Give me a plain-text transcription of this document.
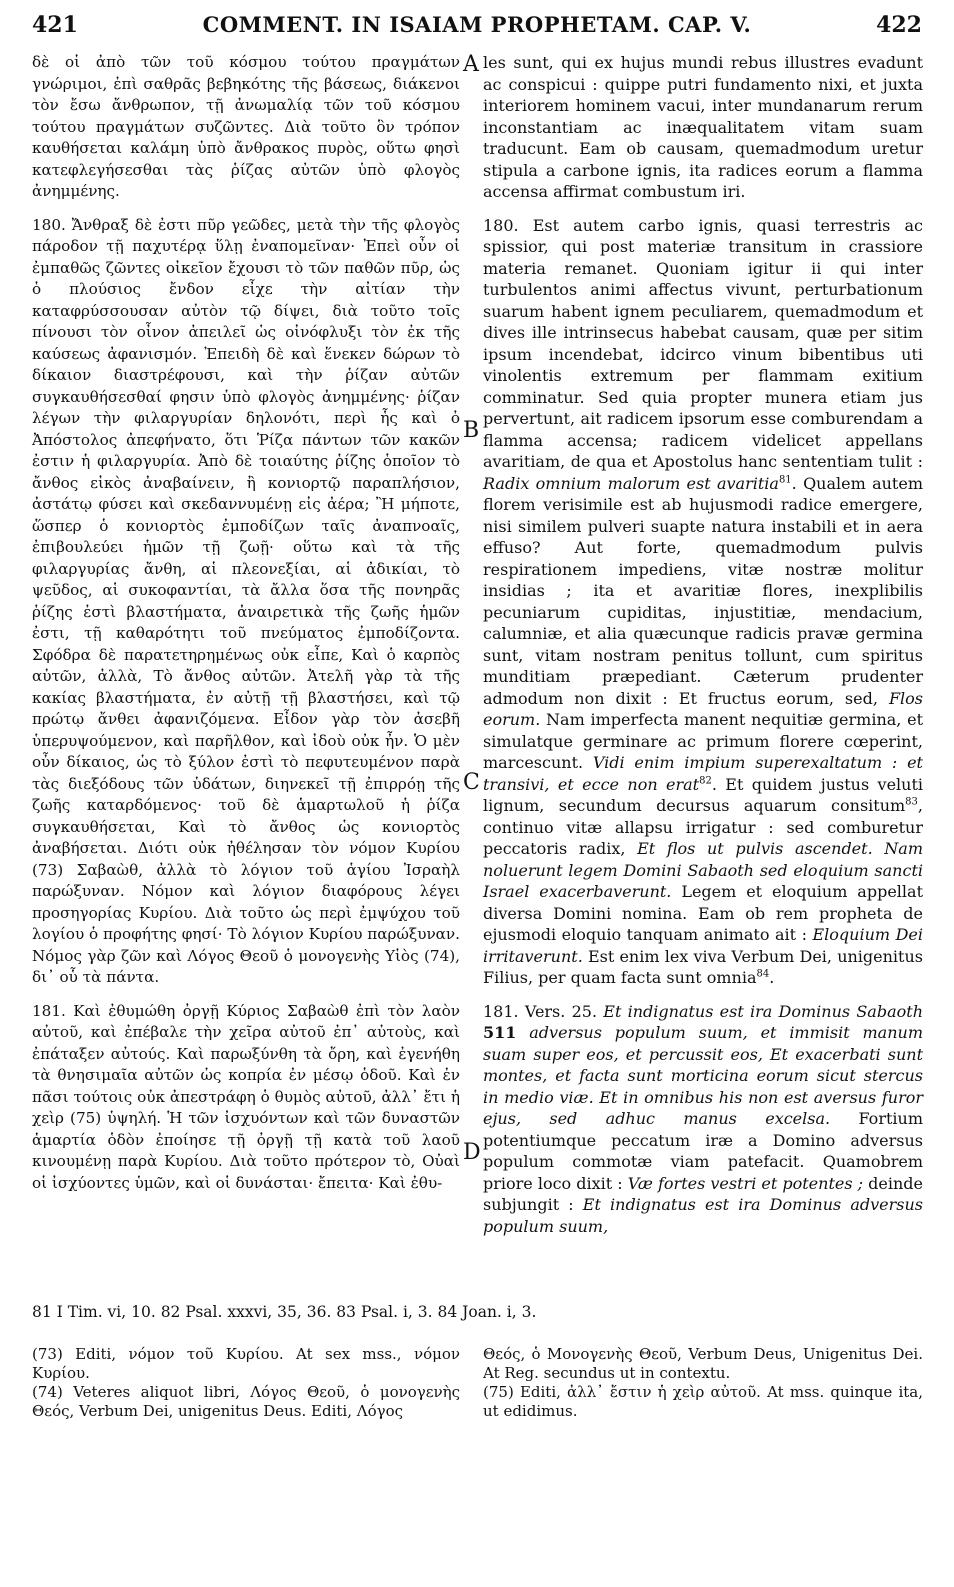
421	COMMENT. IN ISAIAM PROPHETAM. CAP. V.	422

δὲ οἱ ἀπὸ τῶν τοῦ κόσμου τούτου πραγμάτων γνώριμοι, ἐπὶ σαθρᾶς βεβηκότης τῆς βάσεως, διάκενοι τὸν ἔσω ἄνθρωπον, τῇ ἀνωμαλίᾳ τῶν τοῦ κόσμου τούτου πραγμάτων συζῶντες. Διὰ τοῦτο ὃν τρόπον καυθήσεται καλάμη ὑπὸ ἄνθρακος πυρὸς, οὕτω φησὶ κατεφλεγήσεσθαι τὰς ῥίζας αὐτῶν ὑπὸ φλογὸς ἀνημμένης.

180. Ἄνθραξ δὲ ἐστι πῦρ γεῶδες, μετὰ τὴν τῆς φλογὸς πάροδον τῇ παχυτέρᾳ ὕλῃ ἐναπομεῖναν· Ἐπεὶ οὖν οἱ ἐμπαθῶς ζῶντες οἰκεῖον ἔχουσι τὸ τῶν παθῶν πῦρ, ὡς ὁ πλούσιος ἔνδον εἶχε τὴν αἰτίαν τὴν καταφρύσσουσαν αὐτὸν τῷ δίψει, διὰ τοῦτο τοῖς πίνουσι τὸν οἶνον ἀπειλεῖ ὡς οἰνόφλυξι τὸν ἐκ τῆς καύσεως ἀφανισμόν. Ἐπειδὴ δὲ καὶ ἕνεκεν δώρων τὸ δίκαιον διαστρέφουσι, καὶ τὴν ῥίζαν αὐτῶν συγκαυθήσεσθαί φησιν ὑπὸ φλογὸς ἀνημμένης· ῥίζαν λέγων τὴν φιλαργυρίαν δηλονότι, περὶ ἧς καὶ ὁ Ἀπόστολος ἀπεφήνατο, ὅτι Ῥίζα πάντων τῶν κακῶν ἐστιν ἡ φιλαργυρία. Ἀπὸ δὲ τοιαύτης ῥίζης ὁποῖον τὸ ἄνθος εἰκὸς ἀναβαίνειν, ἢ κονιορτῷ παραπλήσιον, ἀστάτῳ φύσει καὶ σκεδαννυμένῃ εἰς ἀέρα; Ἢ μήποτε, ὥσπερ ὁ κονιορτὸς ἐμποδίζων ταῖς ἀναπνοαῖς, ἐπιβουλεύει ἡμῶν τῇ ζωῇ· οὕτω καὶ τὰ τῆς φιλαργυρίας ἄνθη, αἱ πλεονεξίαι, αἱ ἀδικίαι, τὸ ψεῦδος, αἱ συκοφαντίαι, τὰ ἄλλα ὅσα τῆς πονηρᾶς ῥίζης ἐστὶ βλαστήματα, ἀναιρετικὰ τῆς ζωῆς ἡμῶν ἐστι, τῇ καθαρότητι τοῦ πνεύματος ἐμποδίζοντα. Σφόδρα δὲ παρατετηρημένως οὐκ εἶπε, Καὶ ὁ καρπὸς αὐτῶν, ἀλλὰ, Τὸ ἄνθος αὐτῶν. Ἀτελῆ γὰρ τὰ τῆς κακίας βλαστήματα, ἐν αὐτῇ τῇ βλαστήσει, καὶ τῷ πρώτῳ ἄνθει ἀφανιζόμενα. Εἶδον γὰρ τὸν ἀσεβῆ ὑπερυψούμενον, καὶ παρῆλθον, καὶ ἰδοὺ οὐκ ἦν. Ὁ μὲν οὖν δίκαιος, ὡς τὸ ξύλον ἐστὶ τὸ πεφυτευμένον παρὰ τὰς διεξόδους τῶν ὑδάτων, διηνεκεῖ τῇ ἐπιρρόῃ τῆς ζωῆς καταρδόμενος· τοῦ δὲ ἁμαρτωλοῦ ἡ ῥίζα συγκαυθήσεται, Καὶ τὸ ἄνθος ὡς κονιορτὸς ἀναβήσεται. Διότι οὐκ ἠθέλησαν τὸν νόμον Κυρίου (73) Σαβαὼθ, ἀλλὰ τὸ λόγιον τοῦ ἁγίου Ἰσραὴλ παρώξυναν. Νόμον καὶ λόγιον διαφόρους λέγει προσηγορίας Κυρίου. Διὰ τοῦτο ὡς περὶ ἐμψύχου τοῦ λογίου ὁ προφήτης φησί· Τὸ λόγιον Κυρίου παρώξυναν. Νόμος γὰρ ζῶν καὶ Λόγος Θεοῦ ὁ μονογενὴς Υἱὸς (74), δι᾽ οὗ τὰ πάντα.

181. Καὶ ἐθυμώθη ὀργῇ Κύριος Σαβαὼθ ἐπὶ τὸν λαὸν αὐτοῦ, καὶ ἐπέβαλε τὴν χεῖρα αὐτοῦ ἐπ᾽ αὐτοὺς, καὶ ἐπάταξεν αὐτούς. Καὶ παρωξύνθη τὰ ὄρη, καὶ ἐγενήθη τὰ θνησιμαῖα αὐτῶν ὡς κοπρία ἐν μέσῳ ὁδοῦ. Καὶ ἐν πᾶσι τούτοις οὐκ ἀπεστράφη ὁ θυμὸς αὐτοῦ, ἀλλ᾽ ἔτι ἡ χεὶρ (75) ὑψηλή. Ἡ τῶν ἰσχυόντων καὶ τῶν δυναστῶν ἁμαρτία ὁδὸν ἐποίησε τῇ ὀργῇ τῇ κατὰ τοῦ λαοῦ κινουμένῃ παρὰ Κυρίου. Διὰ τοῦτο πρότερον τὸ, Οὐαὶ οἱ ἰσχύοντες ὑμῶν, καὶ οἱ δυνάσται· ἔπειτα· Καὶ ἐθυ-

A
B
C
D

les sunt, qui ex hujus mundi rebus illustres evadunt ac conspicui : quippe putri fundamento nixi, et juxta interiorem hominem vacui, inter mundanarum rerum inconstantiam ac inæqualitatem vitam suam traducunt. Eam ob causam, quemadmodum uretur stipula a carbone ignis, ita radices eorum a flamma accensa affirmat combustum iri.

180. Est autem carbo ignis, quasi terrestris ac spissior, qui post materiæ transitum in crassiore materia remanet. Quoniam igitur ii qui inter turbulentos animi affectus vivunt, perturbationum suarum habent ignem peculiarem, quemadmodum et dives ille intrinsecus habebat causam, quæ per sitim ipsum incendebat, idcirco vinum bibentibus uti vinolentis extremum per flammam exitium comminatur. Sed quia propter munera etiam jus pervertunt, ait radicem ipsorum esse comburendam a flamma accensa; radicem videlicet appellans avaritiam, de qua et Apostolus hanc sententiam tulit : Radix omnium malorum est avaritia$^{81}$. Qualem autem florem verisimile est ab hujusmodi radice emergere, nisi similem pulveri suapte natura instabili et in aera effuso? Aut forte, quemadmodum pulvis respirationem impediens, vitæ nostræ molitur insidias ; ita et avaritiæ flores, inexplibilis pecuniarum cupiditas, injustitiæ, mendacium, calumniæ, et alia quæcunque radicis pravæ germina sunt, vitam nostram penitus tollunt, cum spiritus munditiam præpediant. Cæterum prudenter admodum non dixit : Et fructus eorum, sed, Flos eorum. Nam imperfecta manent nequitiæ germina, et simulatque germinare ac primum florere cœperint, marcescunt. Vidi enim impium superexaltatum : et transivi, et ecce non erat$^{82}$. Et quidem justus veluti lignum, secundum decursus aquarum consitum$^{83}$, continuo vitæ allapsu irrigatur : sed comburetur peccatoris radix, Et flos ut pulvis ascendet. Nam noluerunt legem Domini Sabaoth sed eloquium sancti Israel exacerbaverunt. Legem et eloquium appellat diversa Domini nomina. Eam ob rem propheta de ejusmodi eloquio tanquam animato ait : Eloquium Dei irritaverunt. Est enim lex viva Verbum Dei, unigenitus Filius, per quam facta sunt omnia$^{84}$.

181. Vers. 25. Et indignatus est ira Dominus Sabaoth 511 adversus populum suum, et immisit manum suam super eos, et percussit eos, Et exacerbati sunt montes, et facta sunt morticina eorum sicut stercus in medio viæ. Et in omnibus his non est aversus furor ejus, sed adhuc manus excelsa. Fortium potentiumque peccatum iræ a Domino adversus populum commotæ viam patefacit. Quamobrem priore loco dixit : Væ fortes vestri et potentes ; deinde subjungit : Et indignatus est ira Dominus adversus populum suum,

81 I Tim. vi, 10. 82 Psal. xxxvi, 35, 36. 83 Psal. i, 3. 84 Joan. i, 3.

(73) Editi, νόμον τοῦ Κυρίου. At sex mss., νόμον Κυρίου.

(74) Veteres aliquot libri, Λόγος Θεοῦ, ὁ μονογενὴς Θεός, Verbum Dei, unigenitus Deus. Editi, Λόγος

Θεός, ὁ Μονογενὴς Θεοῦ, Verbum Deus, Unigenitus Dei. At Reg. secundus ut in contextu.

(75) Editi, ἀλλ᾽ ἔστιν ἡ χεὶρ αὐτοῦ. At mss. quinque ita, ut edidimus.
